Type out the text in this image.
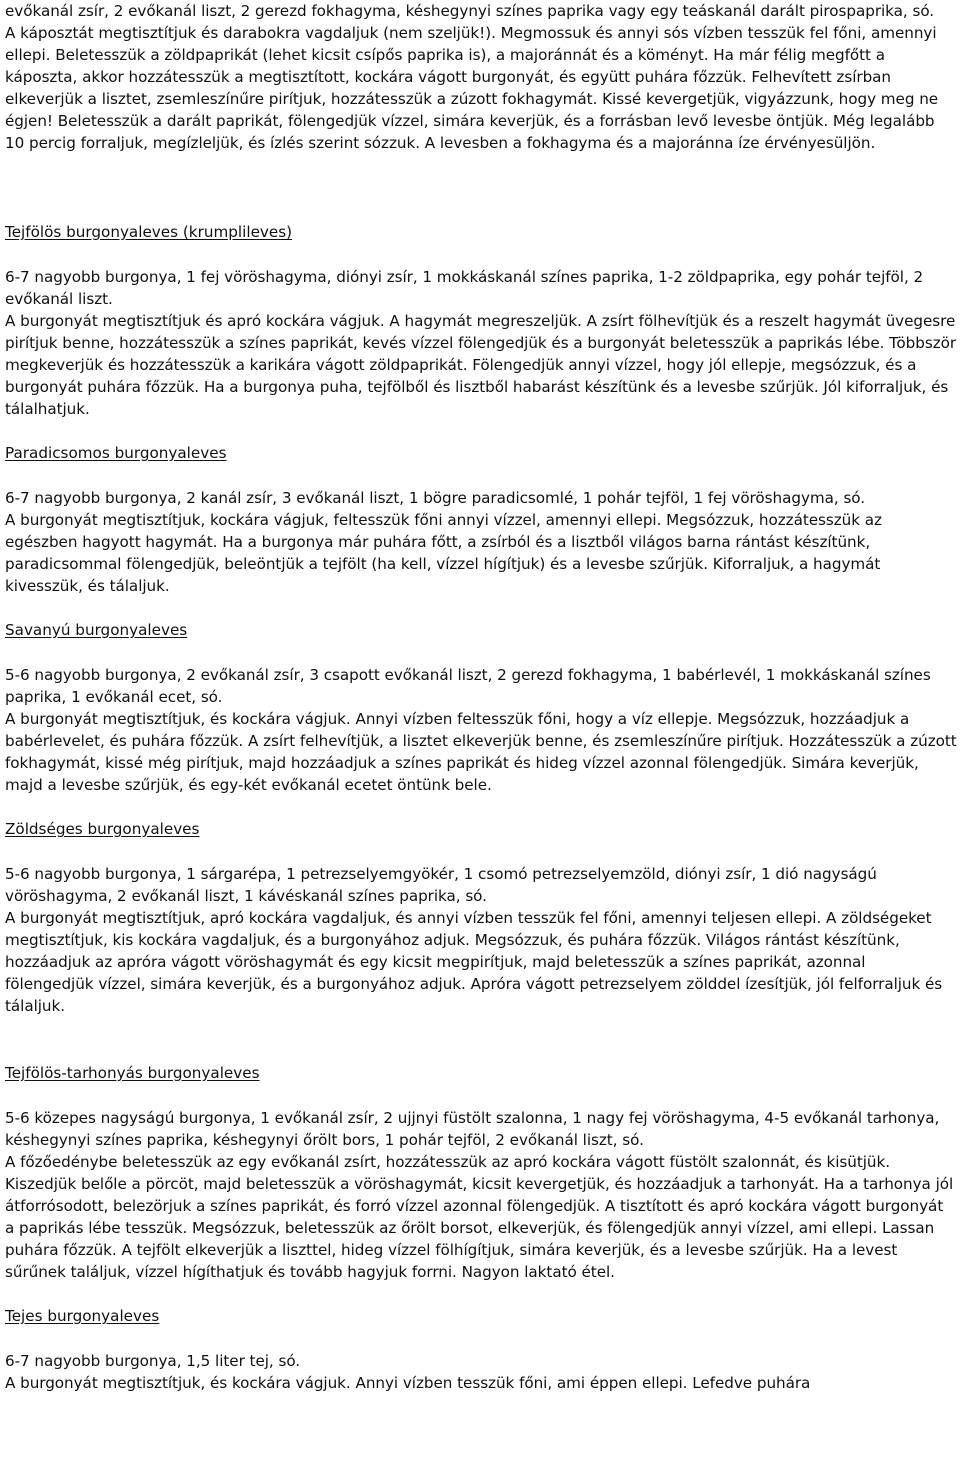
evőkanál zsír, 2 evőkanál liszt, 2 gerezd fokhagyma, késhegynyi színes paprika vagy egy teáskanál darált pirospaprika, só.
A káposztát megtisztítjuk és darabokra vagdaljuk (nem szeljük!). Megmossuk és annyi sós vízben tesszük fel főni, amennyi ellepi. Beletesszük a zöldpaprikát (lehet kicsit csípős paprika is), a majoránnát és a köményt. Ha már félig megfőtt a káposzta, akkor hozzátesszük a megtisztított, kockára vágott burgonyát, és együtt puhára főzzük. Felhevített zsírban elkeverjük a lisztet, zsemleszínűre pirítjuk, hozzátesszük a zúzott fokhagymát. Kissé kevergetjük, vigyázzunk, hogy meg ne égjen! Beletesszük a darált paprikát, fölengedjük vízzel, simára keverjük, és a forrásban levő levesbe öntjük. Még legalább 10 percig forraljuk, megízleljük, és ízlés szerint sózzuk. A levesben a fokhagyma és a majoránna íze érvényesüljön.
Tejfölös burgonyaleves (krumplileves)
6-7 nagyobb burgonya, 1 fej vöröshagyma, diónyi zsír, 1 mokkáskanál színes paprika, 1-2 zöldpaprika, egy pohár tejföl, 2 evőkanál liszt.
A burgonyát megtisztítjuk és apró kockára vágjuk. A hagymát megreszeljük. A zsírt fölhevítjük és a reszelt hagymát üvegesre pirítjuk benne, hozzátesszük a színes paprikát, kevés vízzel fölengedjük és a burgonyát beletesszük a paprikás lébe. Többször megkeverjük és hozzátesszük a karikára vágott zöldpaprikát. Fölengedjük annyi vízzel, hogy jól ellepje, megsózzuk, és a burgonyát puhára főzzük. Ha a burgonya puha, tejfölből és lisztből habarást készítünk és a levesbe szűrjük. Jól kiforraljuk, és tálalhatjuk.
Paradicsomos burgonyaleves
6-7 nagyobb burgonya, 2 kanál zsír, 3 evőkanál liszt, 1 bögre paradicsomlé, 1 pohár tejföl, 1 fej vöröshagyma, só.
A burgonyát megtisztítjuk, kockára vágjuk, feltesszük főni annyi vízzel, amennyi ellepi. Megsózzuk, hozzátesszük az egészben hagyott hagymát. Ha a burgonya már puhára főtt, a zsírból és a lisztből világos barna rántást készítünk, paradicsommal fölengedjük, beleöntjük a tejfölt (ha kell, vízzel hígítjuk) és a levesbe szűrjük. Kiforraljuk, a hagymát kivesszük, és tálaljuk.
Savanyú burgonyaleves
5-6 nagyobb burgonya, 2 evőkanál zsír, 3 csapott evőkanál liszt, 2 gerezd fokhagyma, 1 babérlevél, 1 mokkáskanál színes paprika, 1 evőkanál ecet, só.
A burgonyát megtisztítjuk, és kockára vágjuk. Annyi vízben feltesszük főni, hogy a víz ellepje. Megsózzuk, hozzáadjuk a babérlevelet, és puhára főzzük. A zsírt felhevítjük, a lisztet elkeverjük benne, és zsemleszínűre pirítjuk. Hozzátesszük a zúzott fokhagymát, kissé még pirítjuk, majd hozzáadjuk a színes paprikát és hideg vízzel azonnal fölengedjük. Simára keverjük, majd a levesbe szűrjük, és egy-két evőkanál ecetet öntünk bele.
Zöldséges burgonyaleves
5-6 nagyobb burgonya, 1 sárgarépa, 1 petrezselyemgyökér, 1 csomó petrezselyemzöld, diónyi zsír, 1 dió nagyságú vöröshagyma, 2 evőkanál liszt, 1 kávéskanál színes paprika, só.
A burgonyát megtisztítjuk, apró kockára vagdaljuk, és annyi vízben tesszük fel főni, amennyi teljesen ellepi. A zöldségeket megtisztítjuk, kis kockára vagdaljuk, és a burgonyához adjuk. Megsózzuk, és puhára főzzük. Világos rántást készítünk, hozzáadjuk az apróra vágott vöröshagymát és egy kicsit megpirítjuk, majd beletesszük a színes paprikát, azonnal fölengedjük vízzel, simára keverjük, és a burgonyához adjuk. Apróra vágott petrezselyem zölddel ízesítjük, jól felforraljuk és tálaljuk.
Tejfölös-tarhonyás burgonyaleves
5-6 közepes nagyságú burgonya, 1 evőkanál zsír, 2 ujjnyi füstölt szalonna, 1 nagy fej vöröshagyma, 4-5 evőkanál tarhonya, késhegynyi színes paprika, késhegynyi őrölt bors, 1 pohár tejföl, 2 evőkanál liszt, só.
A főzőedénybe beletesszük az egy evőkanál zsírt, hozzátesszük az apró kockára vágott füstölt szalonnát, és kisütjük. Kiszedjük belőle a pörcöt, majd beletesszük a vöröshagymát, kicsit kevergetjük, és hozzáadjuk a tarhonyát. Ha a tarhonya jól átforrósodott, belezörjuk a színes paprikát, és forró vízzel azonnal fölengedjük. A tisztított és apró kockára vágott burgonyát a paprikás lébe tesszük. Megsózzuk, beletesszük az őrölt borsot, elkeverjük, és fölengedjük annyi vízzel, ami ellepi. Lassan puhára főzzük. A tejfölt elkeverjük a liszttel, hideg vízzel fölhígítjuk, simára keverjük, és a levesbe szűrjük. Ha a levest sűrűnek találjuk, vízzel hígíthatjuk és tovább hagyjuk forrni. Nagyon laktató étel.
Tejes burgonyaleves
6-7 nagyobb burgonya, 1,5 liter tej, só.
A burgonyát megtisztítjuk, és kockára vágjuk. Annyi vízben tesszük főni, ami éppen ellepi. Lefedve puhára
